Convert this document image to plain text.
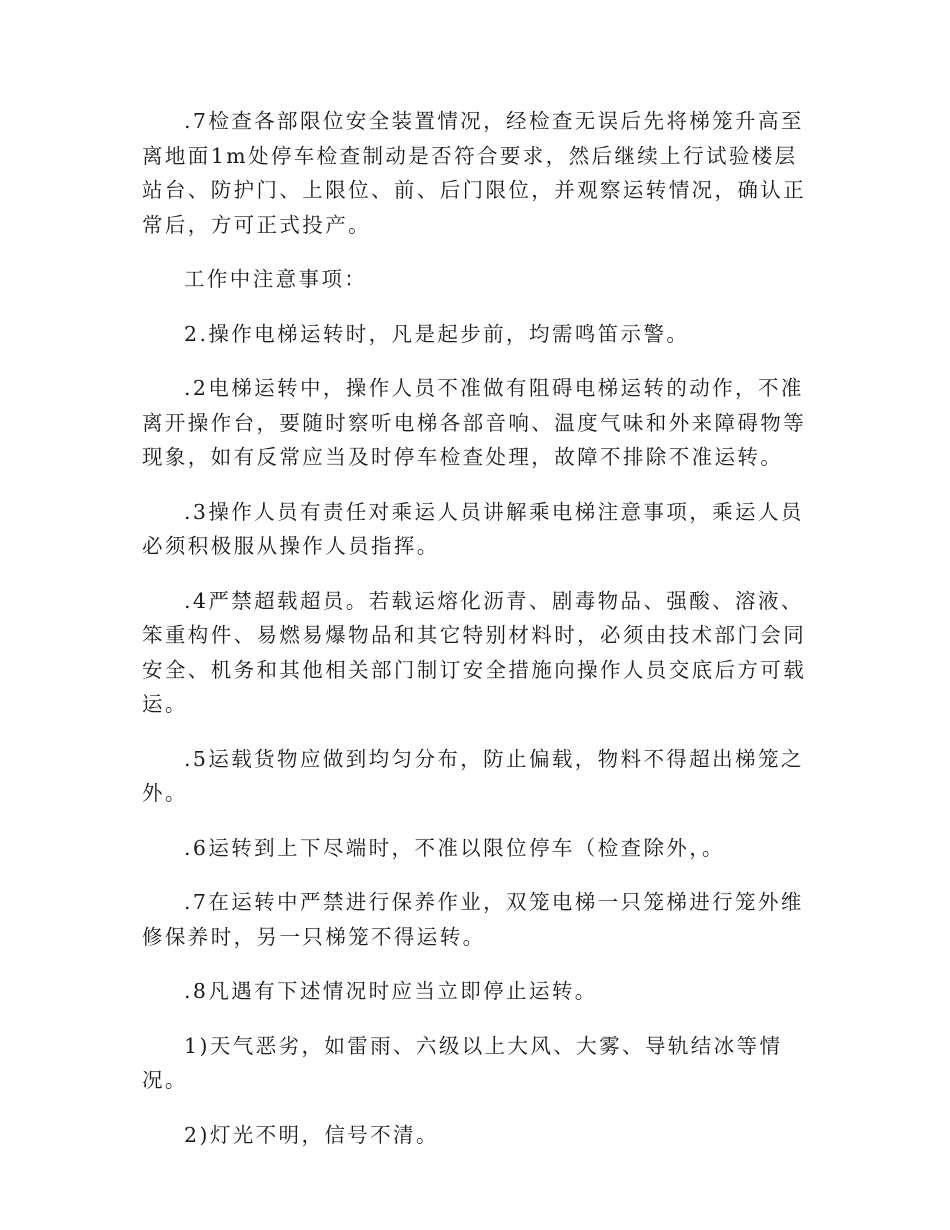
.7检查各部限位安全装置情况，经检查无误后先将梯笼升高至离地面1m处停车检查制动是否符合要求，然后继续上行试验楼层站台、防护门、上限位、前、后门限位，并观察运转情况，确认正常后，方可正式投产。

工作中注意事项：

2.操作电梯运转时，凡是起步前，均需鸣笛示警。

.2电梯运转中，操作人员不准做有阻碍电梯运转的动作，不准离开操作台，要随时察听电梯各部音响、温度气味和外来障碍物等现象，如有反常应当及时停车检查处理，故障不排除不准运转。

.3操作人员有责任对乘运人员讲解乘电梯注意事项，乘运人员必须积极服从操作人员指挥。

.4严禁超载超员。若载运熔化沥青、剧毒物品、强酸、溶液、笨重构件、易燃易爆物品和其它特别材料时，必须由技术部门会同安全、机务和其他相关部门制订安全措施向操作人员交底后方可载运。

.5运载货物应做到均匀分布，防止偏载，物料不得超出梯笼之外。

.6运转到上下尽端时，不准以限位停车（检查除外，。

.7在运转中严禁进行保养作业，双笼电梯一只笼梯进行笼外维修保养时，另一只梯笼不得运转。

.8凡遇有下述情况时应当立即停止运转。

1)天气恶劣，如雷雨、六级以上大风、大雾、导轨结冰等情况。

2)灯光不明，信号不清。
